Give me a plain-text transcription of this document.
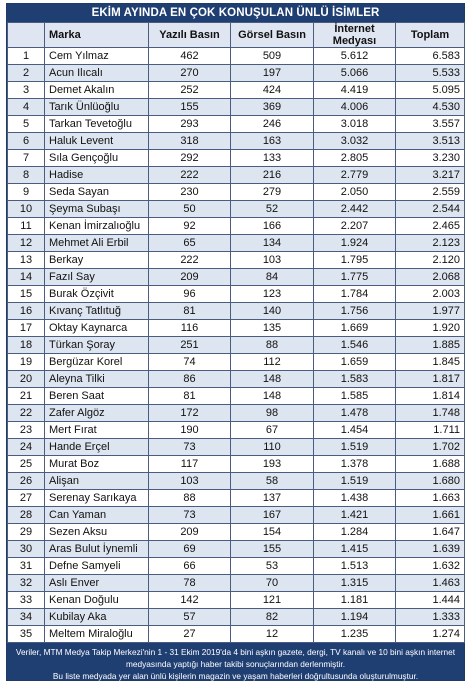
EKİM AYINDA EN ÇOK KONUŞULAN ÜNLÜ İSİMLER
	Marka	Yazılı Basın	Görsel Basın	İnternet Medyası	Toplam
1	Cem Yılmaz	462	509	5.612	6.583
2	Acun Ilıcalı	270	197	5.066	5.533
3	Demet Akalın	252	424	4.419	5.095
4	Tarık Ünlüoğlu	155	369	4.006	4.530
5	Tarkan Tevetoğlu	293	246	3.018	3.557
6	Haluk Levent	318	163	3.032	3.513
7	Sıla Gençoğlu	292	133	2.805	3.230
8	Hadise	222	216	2.779	3.217
9	Seda Sayan	230	279	2.050	2.559
10	Şeyma Subaşı	50	52	2.442	2.544
11	Kenan İmirzalıoğlu	92	166	2.207	2.465
12	Mehmet Ali Erbil	65	134	1.924	2.123
13	Berkay	222	103	1.795	2.120
14	Fazıl Say	209	84	1.775	2.068
15	Burak Özçivit	96	123	1.784	2.003
16	Kıvanç Tatlıtuğ	81	140	1.756	1.977
17	Oktay Kaynarca	116	135	1.669	1.920
18	Türkan Şoray	251	88	1.546	1.885
19	Bergüzar Korel	74	112	1.659	1.845
20	Aleyna Tilki	86	148	1.583	1.817
21	Beren Saat	81	148	1.585	1.814
22	Zafer Algöz	172	98	1.478	1.748
23	Mert Fırat	190	67	1.454	1.711
24	Hande Erçel	73	110	1.519	1.702
25	Murat Boz	117	193	1.378	1.688
26	Alişan	103	58	1.519	1.680
27	Serenay Sarıkaya	88	137	1.438	1.663
28	Can Yaman	73	167	1.421	1.661
29	Sezen Aksu	209	154	1.284	1.647
30	Aras Bulut İynemli	69	155	1.415	1.639
31	Defne Samyeli	66	53	1.513	1.632
32	Aslı Enver	78	70	1.315	1.463
33	Kenan Doğulu	142	121	1.181	1.444
34	Kubilay Aka	57	82	1.194	1.333
35	Meltem Miraloğlu	27	12	1.235	1.274
Veriler, MTM Medya Takip Merkezi'nin 1 - 31 Ekim 2019'da 4 bini aşkın gazete, dergi, TV kanalı ve 10 bini aşkın internet
medyasında yaptığı haber takibi sonuçlarından derlenmiştir.
Bu liste medyada yer alan ünlü kişilerin magazin ve yaşam haberleri doğrultusunda oluşturulmuştur.
